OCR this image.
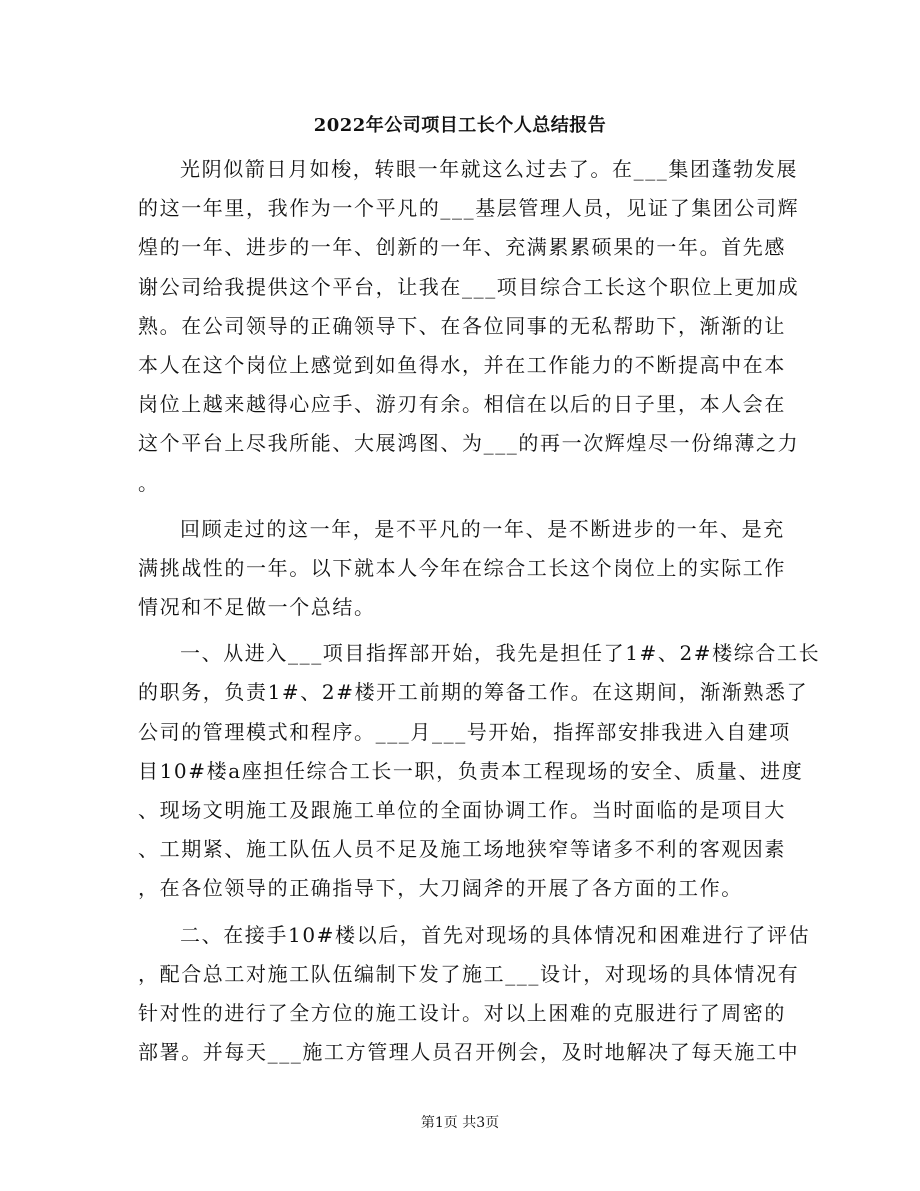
2022年公司项目工长个人总结报告
光阴似箭日月如梭，转眼一年就这么过去了。在___集团蓬勃发展
的这一年里，我作为一个平凡的___基层管理人员，见证了集团公司辉
煌的一年、进步的一年、创新的一年、充满累累硕果的一年。首先感
谢公司给我提供这个平台，让我在___项目综合工长这个职位上更加成
熟。在公司领导的正确领导下、在各位同事的无私帮助下，渐渐的让
本人在这个岗位上感觉到如鱼得水，并在工作能力的不断提高中在本
岗位上越来越得心应手、游刃有余。相信在以后的日子里，本人会在
这个平台上尽我所能、大展鸿图、为___的再一次辉煌尽一份绵薄之力
。
回顾走过的这一年，是不平凡的一年、是不断进步的一年、是充
满挑战性的一年。以下就本人今年在综合工长这个岗位上的实际工作
情况和不足做一个总结。
一、从进入___项目指挥部开始，我先是担任了1#、2#楼综合工长
的职务，负责1#、2#楼开工前期的筹备工作。在这期间，渐渐熟悉了
公司的管理模式和程序。___月___号开始，指挥部安排我进入自建项
目10#楼a座担任综合工长一职，负责本工程现场的安全、质量、进度
、现场文明施工及跟施工单位的全面协调工作。当时面临的是项目大
、工期紧、施工队伍人员不足及施工场地狭窄等诸多不利的客观因素
，在各位领导的正确指导下，大刀阔斧的开展了各方面的工作。
二、在接手10#楼以后，首先对现场的具体情况和困难进行了评估
，配合总工对施工队伍编制下发了施工___设计，对现场的具体情况有
针对性的进行了全方位的施工设计。对以上困难的克服进行了周密的
部署。并每天___施工方管理人员召开例会，及时地解决了每天施工中
第1页 共3页
